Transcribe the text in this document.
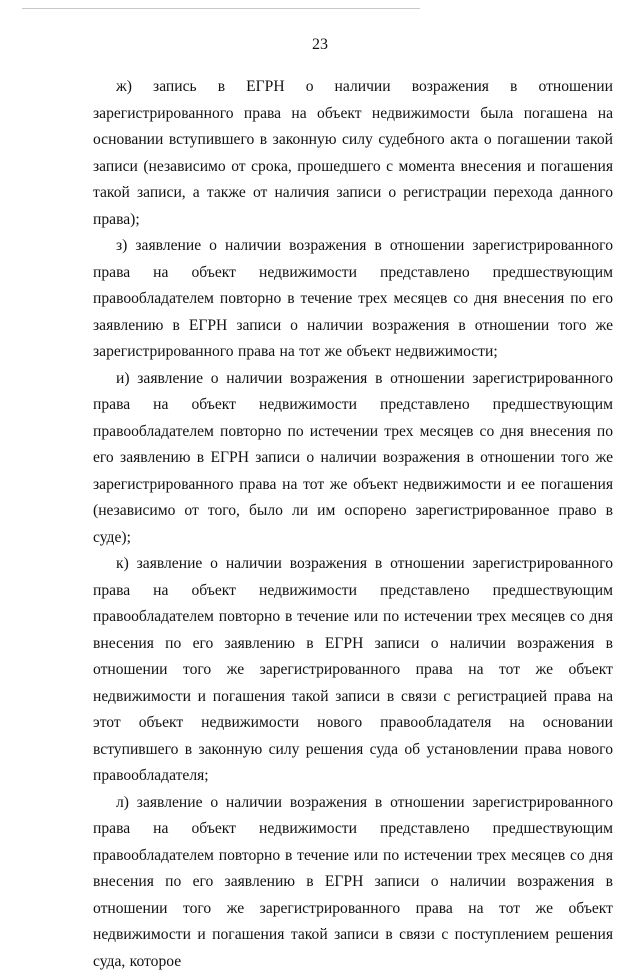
23

ж) запись в ЕГРН о наличии возражения в отношении зарегистрированного права на объект недвижимости была погашена на основании вступившего в законную силу судебного акта о погашении такой записи (независимо от срока, прошедшего с момента внесения и погашения такой записи, а также от наличия записи о регистрации перехода данного права);

з) заявление о наличии возражения в отношении зарегистрированного права на объект недвижимости представлено предшествующим правообладателем повторно в течение трех месяцев со дня внесения по его заявлению в ЕГРН записи о наличии возражения в отношении того же зарегистрированного права на тот же объект недвижимости;

и) заявление о наличии возражения в отношении зарегистрированного права на объект недвижимости представлено предшествующим правообладателем повторно по истечении трех месяцев со дня внесения по его заявлению в ЕГРН записи о наличии возражения в отношении того же зарегистрированного права на тот же объект недвижимости и ее погашения (независимо от того, было ли им оспорено зарегистрированное право в суде);

к) заявление о наличии возражения в отношении зарегистрированного права на объект недвижимости представлено предшествующим правообладателем повторно в течение или по истечении трех месяцев со дня внесения по его заявлению в ЕГРН записи о наличии возражения в отношении того же зарегистрированного права на тот же объект недвижимости и погашения такой записи в связи с регистрацией права на этот объект недвижимости нового правообладателя на основании вступившего в законную силу решения суда об установлении права нового правообладателя;

л) заявление о наличии возражения в отношении зарегистрированного права на объект недвижимости представлено предшествующим правообладателем повторно в течение или по истечении трех месяцев со дня внесения по его заявлению в ЕГРН записи о наличии возражения в отношении того же зарегистрированного права на тот же объект недвижимости и погашения такой записи в связи с поступлением решения суда, которое
